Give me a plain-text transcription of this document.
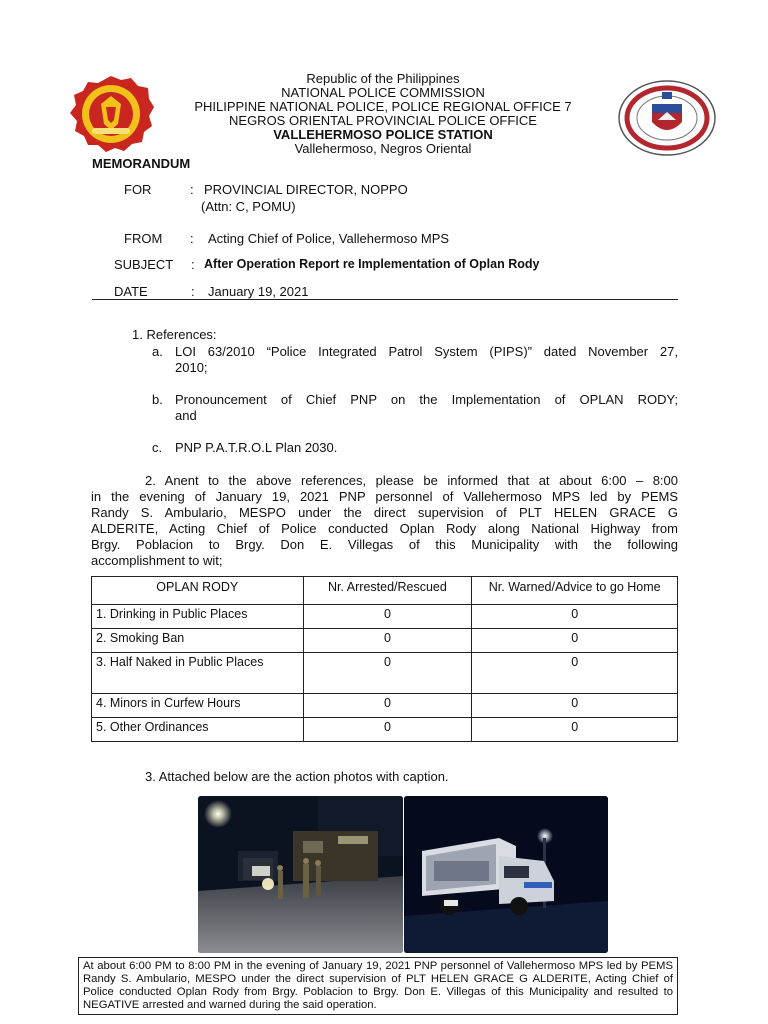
Republic of the Philippines
NATIONAL POLICE COMMISSION
PHILIPPINE NATIONAL POLICE, POLICE REGIONAL OFFICE 7
NEGROS ORIENTAL PROVINCIAL POLICE OFFICE
VALLEHERMOSO POLICE STATION
Vallehermoso, Negros Oriental
MEMORANDUM
FOR	: PROVINCIAL DIRECTOR, NOPPO
(Attn: C, POMU)
FROM : Acting Chief of Police, Vallehermoso MPS
SUBJECT : After Operation Report re Implementation of Oplan Rody
DATE	: January 19, 2021
1. References:
a. LOI 63/2010 “Police Integrated Patrol System (PIPS)” dated November 27,
2010;
b. Pronouncement of Chief PNP on the Implementation of OPLAN RODY;
and
c. PNP P.A.T.R.O.L Plan 2030.
2. Anent to the above references, please be informed that at about 6:00 – 8:00
in the evening of January 19, 2021 PNP personnel of Vallehermoso MPS led by PEMS
Randy S. Ambulario, MESPO under the direct supervision of PLT HELEN GRACE G
ALDERITE, Acting Chief of Police conducted Oplan Rody along National Highway from
Brgy. Poblacion to Brgy. Don E. Villegas of this Municipality with the following
accomplishment to wit;
OPLAN RODY	Nr. Arrested/Rescued	Nr. Warned/Advice to go Home
1. Drinking in Public Places	0	0
2. Smoking Ban	0	0
3. Half Naked in Public Places	0	0
4. Minors in Curfew Hours	0	0
5. Other Ordinances	0	0
3. Attached below are the action photos with caption.
At about 6:00 PM to 8:00 PM in the evening of January 19, 2021 PNP personnel of Vallehermoso MPS led by PEMS Randy S. Ambulario, MESPO under the direct supervision of PLT HELEN GRACE G ALDERITE, Acting Chief of Police conducted Oplan Rody from Brgy. Poblacion to Brgy. Don E. Villegas of this Municipality and resulted to NEGATIVE arrested and warned during the said operation.
